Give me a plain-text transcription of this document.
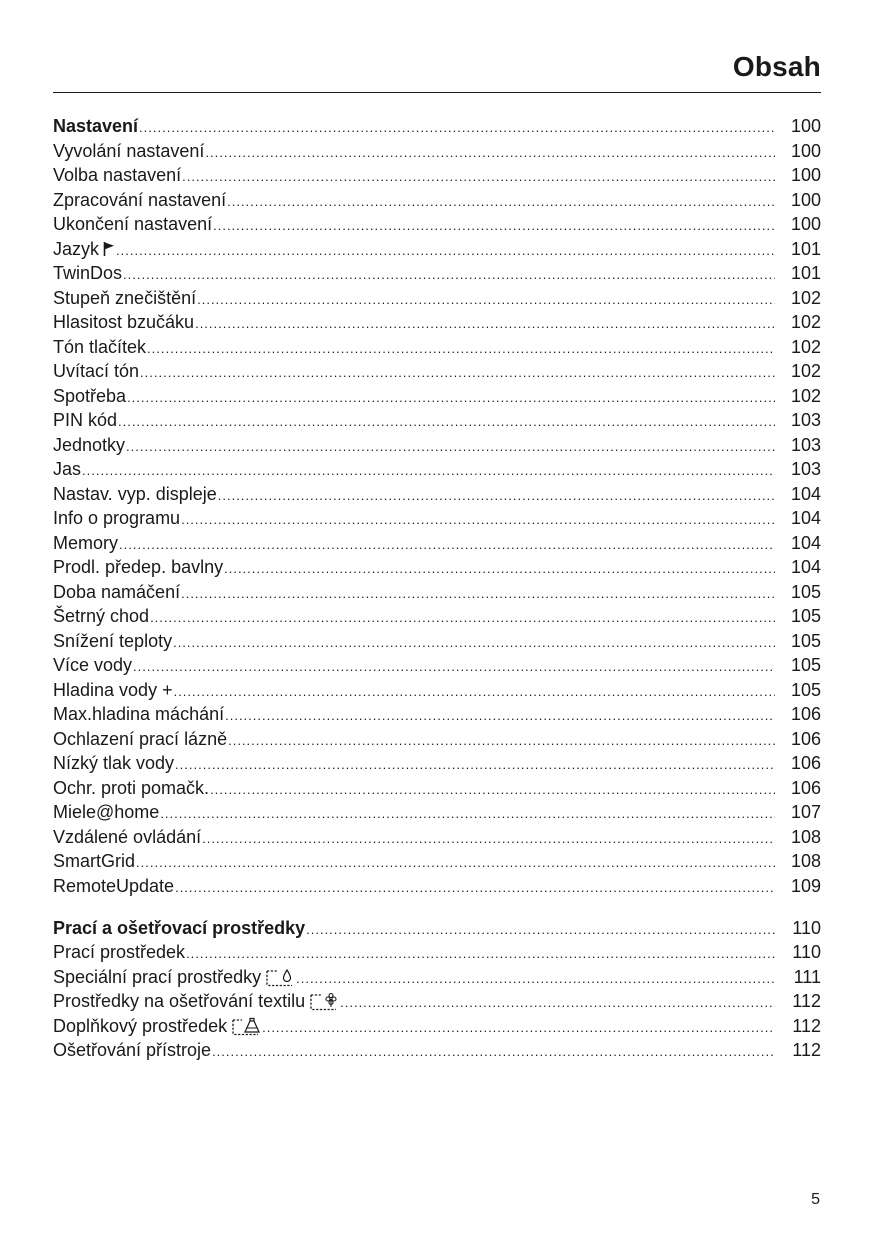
Obsah
Nastavení .....	100
Vyvolání nastavení .....	100
Volba nastavení .....	100
Zpracování nastavení .....	100
Ukončení nastavení .....	100
Jazyk .....	101
TwinDos .....	101
Stupeň znečištění .....	102
Hlasitost bzučáku .....	102
Tón tlačítek .....	102
Uvítací tón .....	102
Spotřeba .....	102
PIN kód .....	103
Jednotky .....	103
Jas .....	103
Nastav. vyp. displeje .....	104
Info o programu .....	104
Memory .....	104
Prodl. předep. bavlny .....	104
Doba namáčení .....	105
Šetrný chod .....	105
Snížení teploty .....	105
Více vody .....	105
Hladina vody + .....	105
Max.hladina máchání .....	106
Ochlazení prací lázně .....	106
Nízký tlak vody .....	106
Ochr. proti pomačk. .....	106
Miele@home .....	107
Vzdálené ovládání .....	108
SmartGrid .....	108
RemoteUpdate .....	109
Prací a ošetřovací prostředky .....	110
Prací prostředek .....	110
Speciální prací prostředky .....	111
Prostředky na ošetřování textilu .....	112
Doplňkový prostředek .....	112
Ošetřování přístroje .....	112
5
